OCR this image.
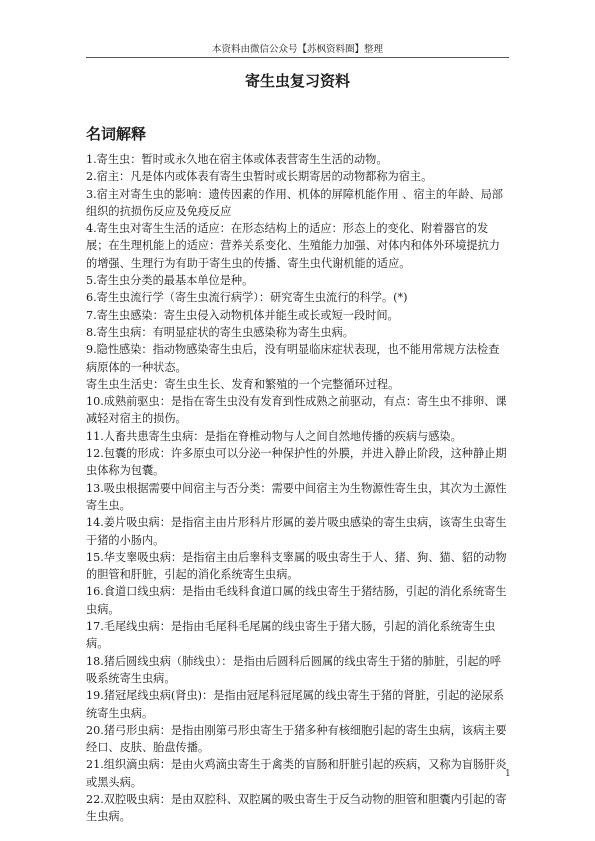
本资料由微信公众号【苏枫资料圈】整理
寄生虫复习资料
名词解释

1.寄生虫：暂时或永久地在宿主体或体表营寄生生活的动物。

2.宿主：凡是体内或体表有寄生虫暂时或长期寄居的动物都称为宿主。

3.宿主对寄生虫的影响：遗传因素的作用、机体的屏障机能作用 、宿主的年龄、局部组织的抗损伤反应及免疫反应

4.寄生虫对寄生生活的适应：在形态结构上的适应：形态上的变化、附着器官的发展；在生理机能上的适应：营养关系变化、生殖能力加强、对体内和体外环境提抗力的增强、生理行为有助于寄生虫的传播、寄生虫代谢机能的适应。

5.寄生虫分类的最基本单位是种。

6.寄生虫流行学（寄生虫流行病学）：研究寄生虫流行的科学。(*)

7.寄生虫感染：寄生虫侵入动物机体并能生或长或短一段时间。

8.寄生虫病：有明显症状的寄生虫感染称为寄生虫病。

9.隐性感染：指动物感染寄生虫后，没有明显临床症状表现，也不能用常规方法检查病原体的一种状态。

寄生虫生活史：寄生虫生长、发育和繁殖的一个完整循环过程。

10.成熟前驱虫：是指在寄生虫没有发育到性成熟之前驱动，有点：寄生虫不排卵、课减轻对宿主的损伤。

11.人畜共患寄生虫病：是指在脊椎动物与人之间自然地传播的疾病与感染。

12.包囊的形成：许多原虫可以分泌一种保护性的外膜，并进入静止阶段，这种静止期虫体称为包囊。

13.吸虫根据需要中间宿主与否分类：需要中间宿主为生物源性寄生虫，其次为土源性寄生虫。

14.姜片吸虫病：是指宿主由片形科片形属的姜片吸虫感染的寄生虫病，该寄生虫寄生于猪的小肠内。

15.华支睾吸虫病：是指宿主由后睾科支睾属的吸虫寄生于人、猪、狗、猫、貂的动物的胆管和肝脏，引起的消化系统寄生虫病。

16.食道口线虫病：是指由毛线科食道口属的线虫寄生于猪结肠，引起的消化系统寄生虫病。

17.毛尾线虫病：是指由毛尾科毛尾属的线虫寄生于猪大肠，引起的消化系统寄生虫病。

18.猪后圆线虫病（肺线虫）：是指由后圆科后圆属的线虫寄生于猪的肺脏，引起的呼吸系统寄生虫病。

19.猪冠尾线虫病(肾虫)：是指由冠尾科冠尾属的线虫寄生于猪的肾脏，引起的泌尿系统寄生虫病。

20.猪弓形虫病：是指由刚第弓形虫寄生于猪多种有核细胞引起的寄生虫病，该病主要经口、皮肤、胎盘传播。

21.组织滴虫病：是由火鸡滴虫寄生于禽类的盲肠和肝脏引起的疾病，又称为盲肠肝炎或黑头病。

22.双腔吸虫病：是由双腔科、双腔属的吸虫寄生于反刍动物的胆管和胆囊内引起的寄生虫病。

1
